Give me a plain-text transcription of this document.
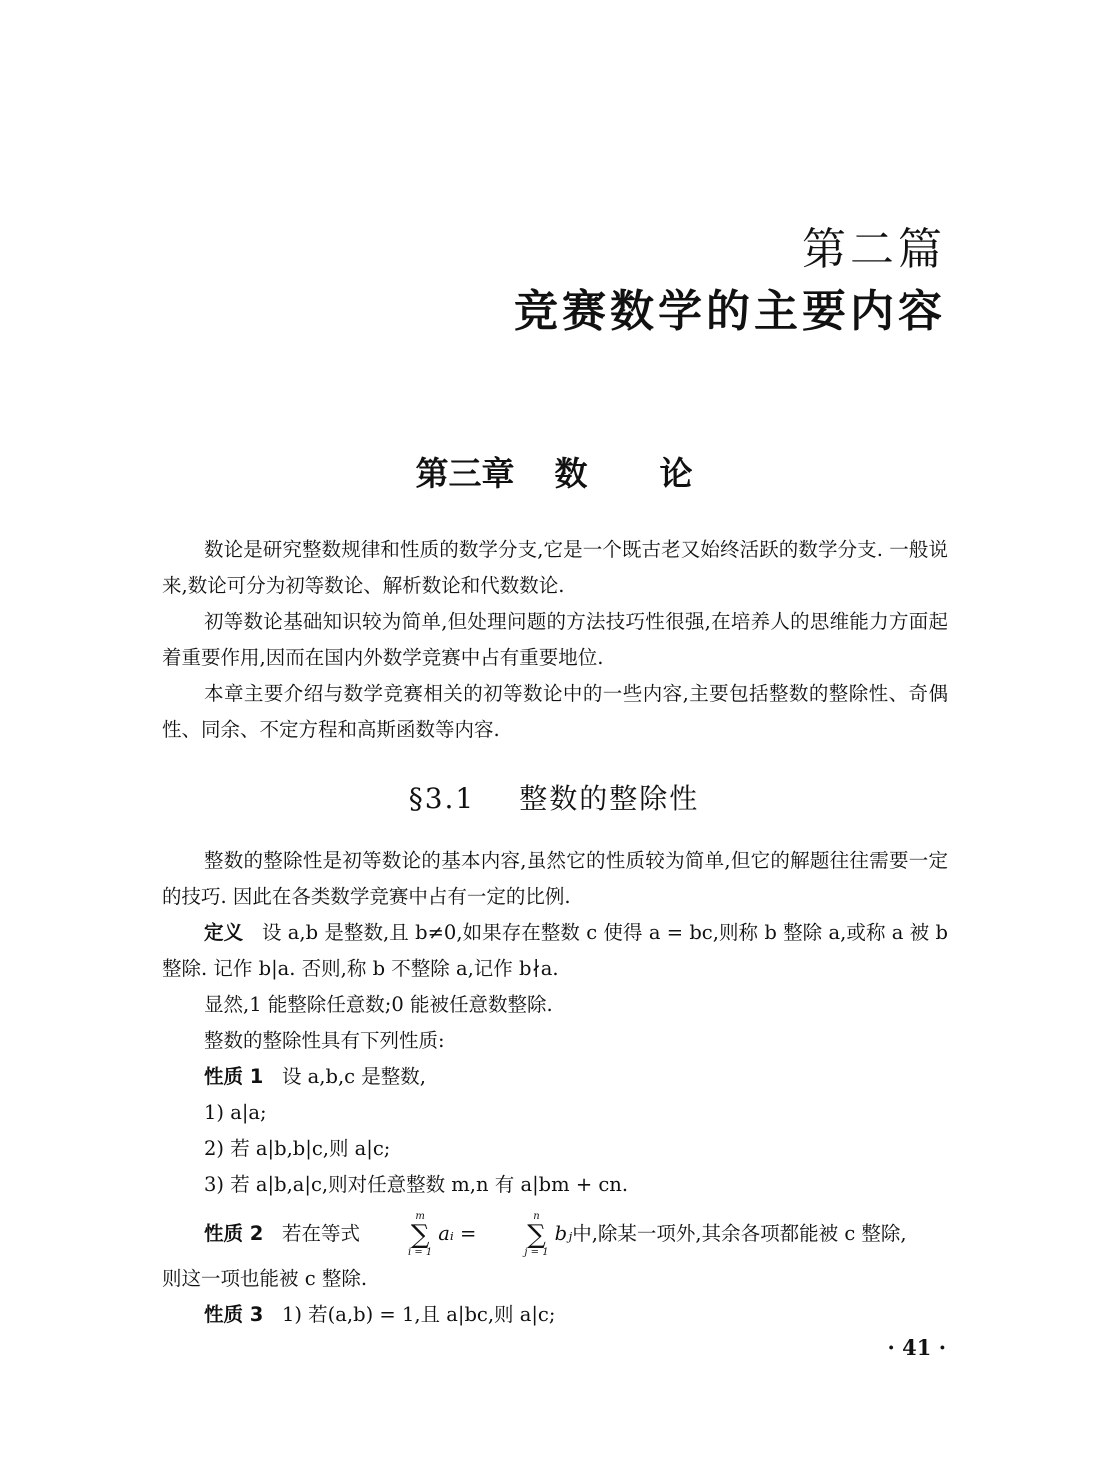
第二篇
竞赛数学的主要内容
第三章 数 论

数论是研究整数规律和性质的数学分支,它是一个既古老又始终活跃的数学分支. 一般说来,数论可分为初等数论、解析数论和代数数论.

初等数论基础知识较为简单,但处理问题的方法技巧性很强,在培养人的思维能力方面起着重要作用,因而在国内外数学竞赛中占有重要地位.

本章主要介绍与数学竞赛相关的初等数论中的一些内容,主要包括整数的整除性、奇偶性、同余、不定方程和高斯函数等内容.

§3.1 整数的整除性

整数的整除性是初等数论的基本内容,虽然它的性质较为简单,但它的解题往往需要一定的技巧. 因此在各类数学竞赛中占有一定的比例.

定义 设 a,b 是整数,且 b≠0,如果存在整数 c 使得 a = bc,则称 b 整除 a,或称 a 被 b 整除. 记作 b|a. 否则,称 b 不整除 a,记作 b∤a.

显然,1 能整除任意数;0 能被任意数整除.

整数的整除性具有下列性质:

性质 1 设 a,b,c 是整数,

1) a|a;

2) 若 a|b,b|c,则 a|c;

3) 若 a|b,a|c,则对任意整数 m,n 有 a|bm + cn.

性质 2 若在等式
m
∑
i = 1
aᵢ =
n
∑
j = 1
bⱼ中,除某一项外,其余各项都能被 c 整除,

则这一项也能被 c 整除.

性质 3 1) 若(a,b) = 1,且 a|bc,则 a|c;

· 41 ·
